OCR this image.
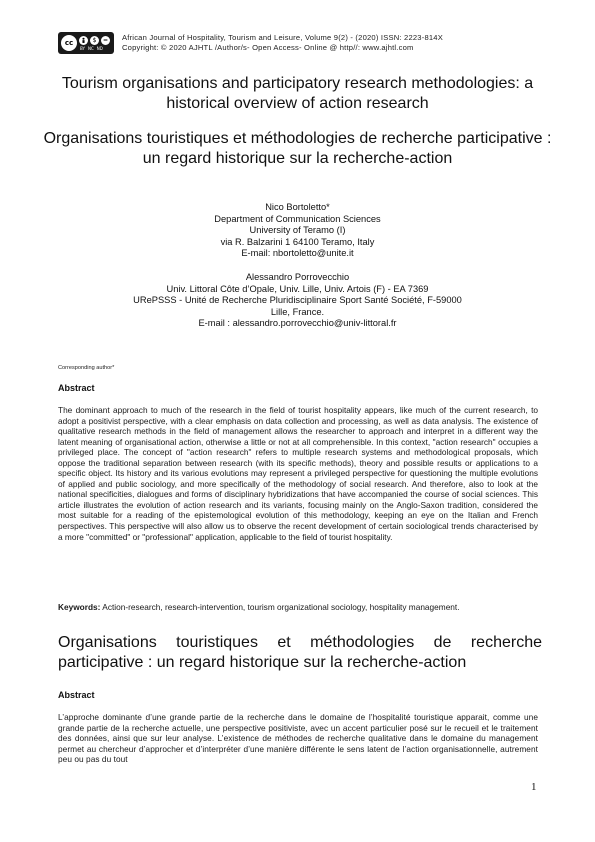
cc	$	=
BY NC ND
African Journal of Hospitality, Tourism and Leisure, Volume 9(2) - (2020) ISSN: 2223-814X
Copyright: © 2020 AJHTL /Author/s- Open Access- Online @ http//: www.ajhtl.com
Tourism organisations and participatory research methodologies: a historical overview of action research
Organisations touristiques et méthodologies de recherche participative : un regard historique sur la recherche-action
Nico Bortoletto*
Department of Communication Sciences
University of Teramo (I)
via R. Balzarini 1 64100 Teramo, Italy
E-mail: nbortoletto@unite.it
Alessandro Porrovecchio
Univ. Littoral Côte d’Opale, Univ. Lille, Univ. Artois (F) - EA 7369
URePSSS - Unité de Recherche Pluridisciplinaire Sport Santé Société, F-59000
Lille, France.
E-mail : alessandro.porrovecchio@univ-littoral.fr
Corresponding author*
Abstract
The dominant approach to much of the research in the field of tourist hospitality appears, like much of the current research, to adopt a positivist perspective, with a clear emphasis on data collection and processing, as well as data analysis. The existence of qualitative research methods in the field of management allows the researcher to approach and interpret in a different way the latent meaning of organisational action, otherwise a little or not at all comprehensible. In this context, "action research" occupies a privileged place. The concept of "action research" refers to multiple research systems and methodological proposals, which oppose the traditional separation between research (with its specific methods), theory and possible results or applications to a specific object. Its history and its various evolutions may represent a privileged perspective for questioning the multiple evolutions of applied and public sociology, and more specifically of the methodology of social research. And therefore, also to look at the national specificities, dialogues and forms of disciplinary hybridizations that have accompanied the course of social sciences. This article illustrates the evolution of action research and its variants, focusing mainly on the Anglo-Saxon tradition, considered the most suitable for a reading of the epistemological evolution of this methodology, keeping an eye on the Italian and French perspectives. This perspective will also allow us to observe the recent development of certain sociological trends characterised by a more "committed" or "professional" application, applicable to the field of tourist hospitality.
Keywords: Action-research, research-intervention, tourism organizational sociology, hospitality management.
Organisations touristiques et méthodologies de recherche participative : un regard historique sur la recherche-action
Abstract
L’approche dominante d’une grande partie de la recherche dans le domaine de l’hospitalité touristique apparait, comme une grande partie de la recherche actuelle, une perspective positiviste, avec un accent particulier posé sur le recueil et le traitement des données, ainsi que sur leur analyse. L’existence de méthodes de recherche qualitative dans le domaine du management permet au chercheur d’approcher et d’interpréter d’une manière différente le sens latent de l’action organisationnelle, autrement peu ou pas du tout
1
